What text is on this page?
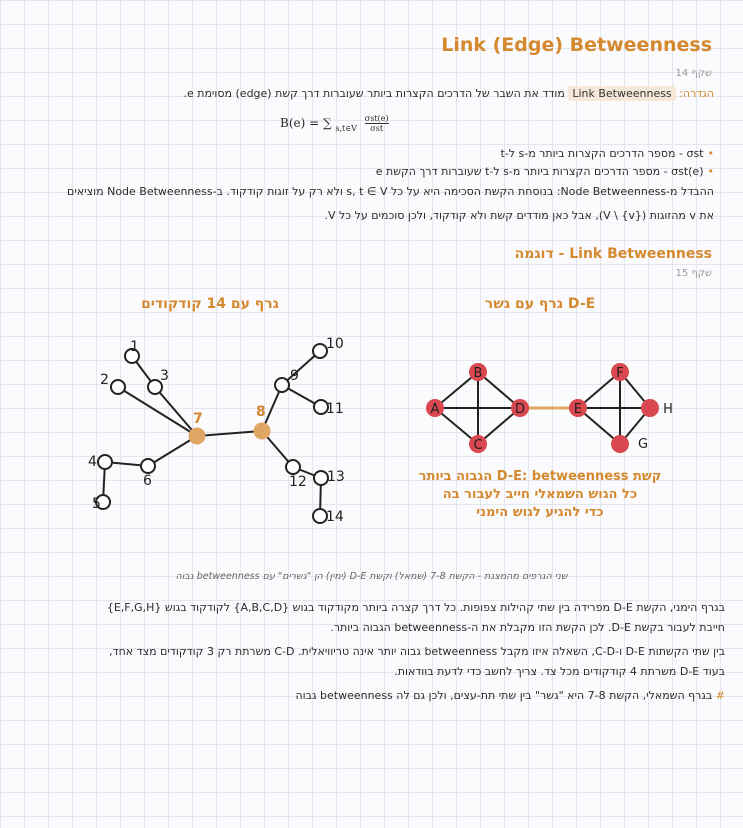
Link (Edge) Betweenness
שקף 14
הגדרה: Link Betweenness מודד את השבר של הדרכים הקצרות ביותר שעוברות דרך קשת (edge) מסוימת e.
B(e) = ∑ $_{s,t\in V}$
σst(e)
σst
•σst - מספר הדרכים הקצרות ביותר מ-s ל-t
•σst(e) - מספר הדרכים הקצרות ביותר מ-s ל-t שעוברות דרך הקשת e
ההבדל מ-Node Betweenness: בנוסחת הקשת הסכימה היא על כל s, t ∈ V ולא רק על זוגות קודקוד. ב-Node Betweenness מוציאים
את v מהזוגות (V \ {v}), אבל כאן מודדים קשת ולא קודקוד, ולכן סוכמים על כל V.
Link Betweenness - דוגמה
שקף 15
גרף עם 14 קודקודים	גרף עם גשר D-E
1
2	3
4
5
6
7	8
9
10
11
12 13
14
A
B
C
D	E
F
G
H
קשת D-E: betweenness הגבוה ביותר
כל הגוש השמאלי חייב לעבור בה
כדי להגיע לגוש הימני
שני הגרפים מהמצגת - הקשת 7-8 (שמאל) וקשת D-E (ימין) הן "גשרים" עם betweenness גבוה
בגרף הימני, הקשת D-E מפרידה בין שתי קהילות צפופות. כל דרך קצרה ביותר מקודקוד בגוש {A,B,C,D} לקודקוד בגוש {E,F,G,H}
חייבת לעבור בקשת D-E. לכן הקשת הזו מקבלת את ה-betweenness הגבוה ביותר.
בין שתי הקשתות D-E ו-C-D, השאלה איזו מקבל betweenness גבוה יותר אינה טריוויאלית. C-D משרתת רק 3 קודקודים מצד אחד,
בעוד D-E משרתת 4 קודקודים מכל צד. צריך לחשב כדי לדעת בוודאות.
# בגרף השמאלי, הקשת 7-8 היא "גשר" בין שתי תת-עצים, ולכן גם לה betweenness גבוה
